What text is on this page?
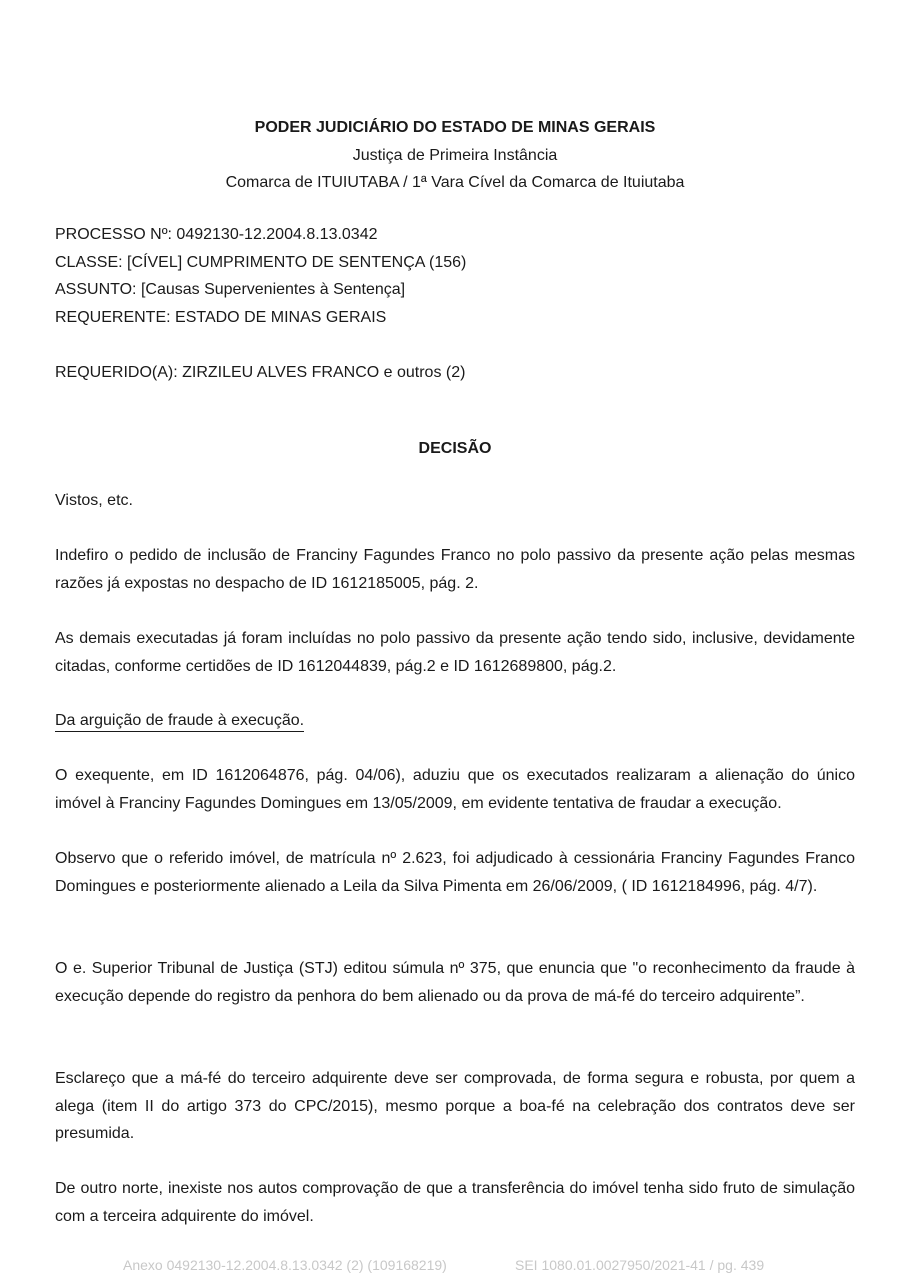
PODER JUDICIÁRIO DO ESTADO DE MINAS GERAIS
Justiça de Primeira Instância
Comarca de ITUIUTABA / 1ª Vara Cível da Comarca de Ituiutaba
PROCESSO Nº: 0492130-12.2004.8.13.0342
CLASSE: [CÍVEL] CUMPRIMENTO DE SENTENÇA (156)
ASSUNTO: [Causas Supervenientes à Sentença]
REQUERENTE: ESTADO DE MINAS GERAIS
REQUERIDO(A): ZIRZILEU ALVES FRANCO e outros (2)
DECISÃO
Vistos, etc.
Indefiro o pedido de inclusão de Franciny Fagundes Franco no polo passivo da presente ação pelas mesmas razões já expostas no despacho de ID 1612185005, pág. 2.
As demais executadas já foram incluídas no polo passivo da presente ação tendo sido, inclusive, devidamente citadas, conforme certidões de ID 1612044839, pág.2 e ID 1612689800, pág.2.
Da arguição de fraude à execução.
O exequente, em ID 1612064876, pág. 04/06), aduziu que os executados realizaram a alienação do único imóvel à Franciny Fagundes Domingues em 13/05/2009, em evidente tentativa de fraudar a execução.
Observo que o referido imóvel, de matrícula nº 2.623, foi adjudicado à cessionária Franciny Fagundes Franco Domingues e posteriormente alienado a Leila da Silva Pimenta em 26/06/2009, ( ID 1612184996, pág. 4/7).
O e. Superior Tribunal de Justiça (STJ) editou súmula nº 375, que enuncia que "o reconhecimento da fraude à execução depende do registro da penhora do bem alienado ou da prova de má-fé do terceiro adquirente”.
Esclareço que a má-fé do terceiro adquirente deve ser comprovada, de forma segura e robusta, por quem a alega (item II do artigo 373 do CPC/2015), mesmo porque a boa-fé na celebração dos contratos deve ser presumida.
De outro norte, inexiste nos autos comprovação de que a transferência do imóvel tenha sido fruto de simulação com a terceira adquirente do imóvel.
Anexo 0492130-12.2004.8.13.0342 (2) (109168219)	SEI 1080.01.0027950/2021-41 / pg. 439
